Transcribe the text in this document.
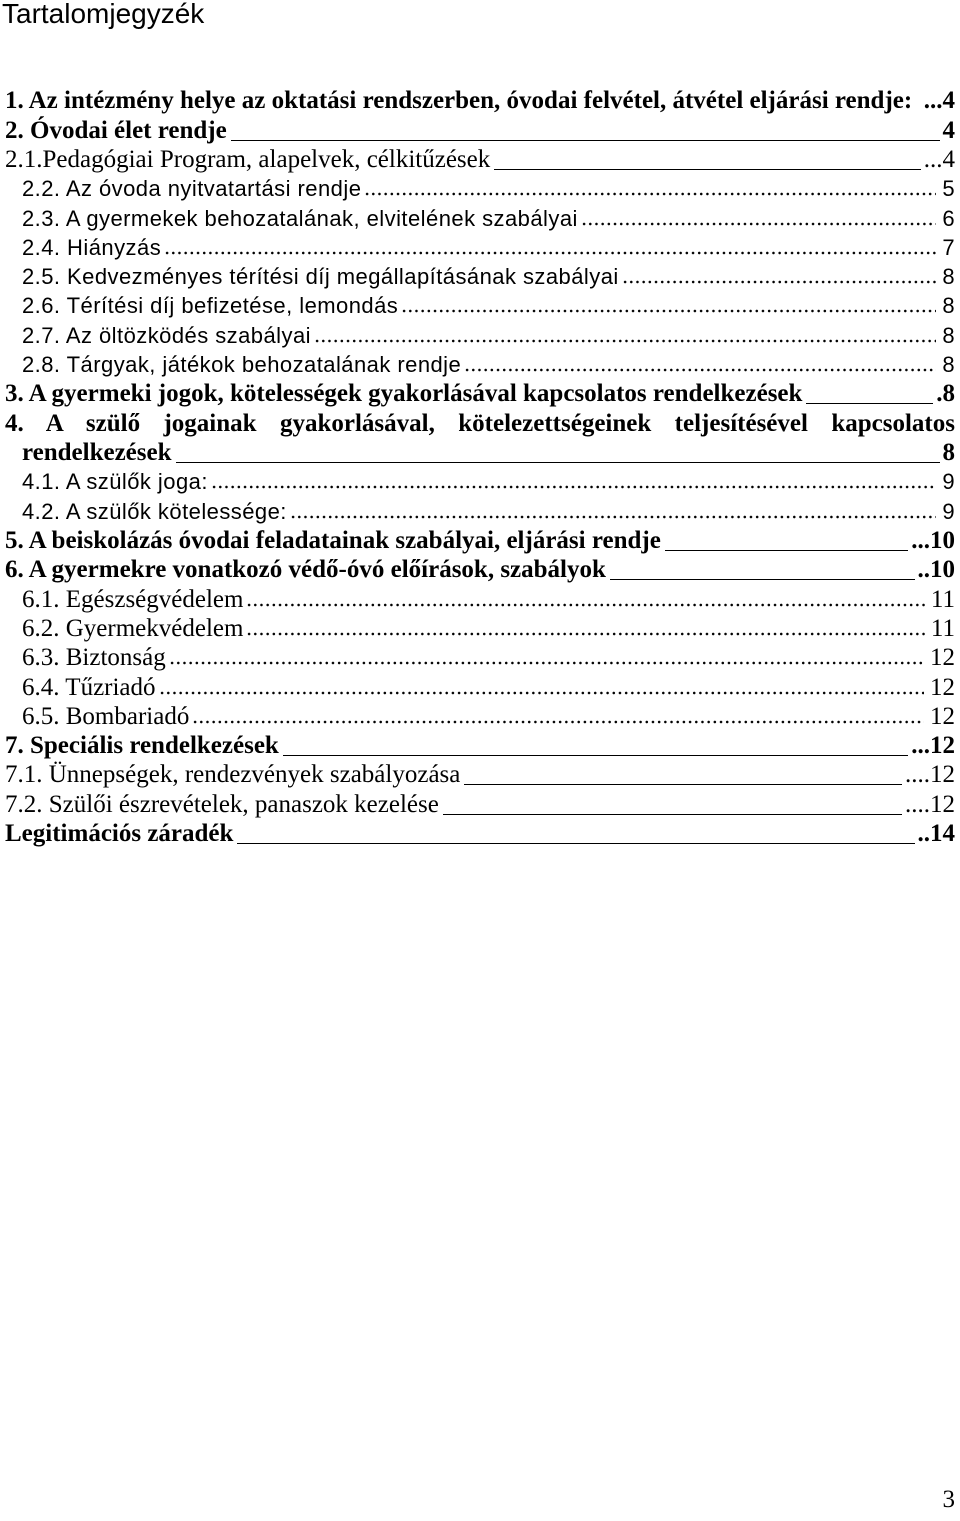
Tartalomjegyzék
1. Az intézmény helye az oktatási rendszerben, óvodai felvétel, átvétel eljárási rendje: ...4
2. Óvodai élet rendje	4
2.1.Pedagógiai Program, alapelvek, célkitűzések	...4
2.2. Az óvoda nyitvatartási rendje	5
2.3. A gyermekek behozatalának, elvitelének szabályai	6
2.4. Hiányzás	7
2.5. Kedvezményes térítési díj megállapításának szabályai	8
2.6. Térítési díj befizetése, lemondás	8
2.7. Az öltözködés szabályai	8
2.8. Tárgyak, játékok behozatalának rendje	8
3. A gyermeki jogok, kötelességek gyakorlásával kapcsolatos rendelkezések	.8
4. A szülő jogainak gyakorlásával, kötelezettségeinek teljesítésével kapcsolatos
rendelkezések	8
4.1. A szülők joga:	9
4.2. A szülők kötelessége:	9
5. A beiskolázás óvodai feladatainak szabályai, eljárási rendje	...10
6. A gyermekre vonatkozó védő-óvó előírások, szabályok	..10
6.1. Egészségvédelem	11
6.2. Gyermekvédelem	11
6.3. Biztonság	12
6.4. Tűzriadó	12
6.5. Bombariadó	12
7. Speciális rendelkezések	...12
7.1. Ünnepségek, rendezvények szabályozása	....12
7.2. Szülői észrevételek, panaszok kezelése	....12
Legitimációs záradék	..14
3
